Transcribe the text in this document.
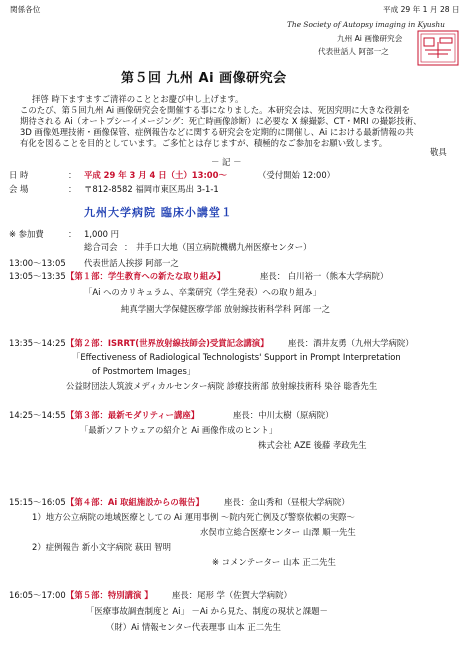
関係各位	平成 29 年 1 月 28 日
The Society of Autopsy imaging in Kyushu
九州 Ai 画像研究会
代表世話人 阿部一之
第５回 九州 Ai 画像研究会

拝啓 時下ますますご清祥のこととお慶び申し上げます。

このたび、第５回九州 Ai 画像研究会を開催する事になりました。本研究会は、死因究明に大きな役割を

期待される Ai（オートプシーイメージング：死亡時画像診断）に必要な X 線撮影、CT・MRI の撮影技術、

3D 画像処理技術・画像保管、症例報告などに関する研究会を定期的に開催し、Ai における最新情報の共

有化を図ることを目的としています。ご多忙とは存じますが、積極的なご参加をお願い致します。

敬具
－ 記 －
日 時	： 平成 29 年 3 月 4 日（土）13:00～	（受付開始 12:00）
会 場	： 〒812-8582 福岡市東区馬出 3-1-1
九州大学病院 臨床小講堂１
※ 参加費	： 1,000 円
総合司会 ： 井手口大地（国立病院機構九州医療センター）
13:00～13:05 代表世話人挨拶 阿部一之
13:05～13:35 【第１部：学生教育への新たな取り組み】	座長： 白川裕一（熊本大学病院）
「Ai へのカリキュラム、卒業研究（学生発表）への取り組み」
純真学園大学保健医療学部 放射線技術科学科 阿部 一之
13:35～14:25 【第２部：ISRRT(世界放射線技師会)受賞記念講演】 座長：酒井友勇（九州大学病院）
「Effectiveness of Radiological Technologists' Support in Prompt Interpretation
of Postmortem Images」
公益財団法人筑波メディカルセンター病院 診療技術部 放射線技術科 染谷 聡香先生
14:25～14:55 【第３部：最新モダリティー講座】	座長：中川太樹（原病院）
「最新ソフトウェアの紹介と Ai 画像作成のヒント」
株式会社 AZE 後藤 孝政先生
15:15～16:05 【第４部：Ai 取組施設からの報告】 座長：金山秀和（昼根大学病院）
1）地方公立病院の地域医療としての Ai 運用事例 ～院内死亡例及び警察依頼の実際～
水俣市立総合医療センター 山澤 順一先生
2）症例報告 新小文字病院 萩田 智明
※ コメンテーター 山本 正二先生
16:05～17:00 【第５部：特別講演 】 座長：尾形 学（佐賀大学病院）
「医療事故調査制度と Ai」 －Ai から見た、制度の現状と課題－
（財）Ai 情報センター代表理事 山本 正二先生
